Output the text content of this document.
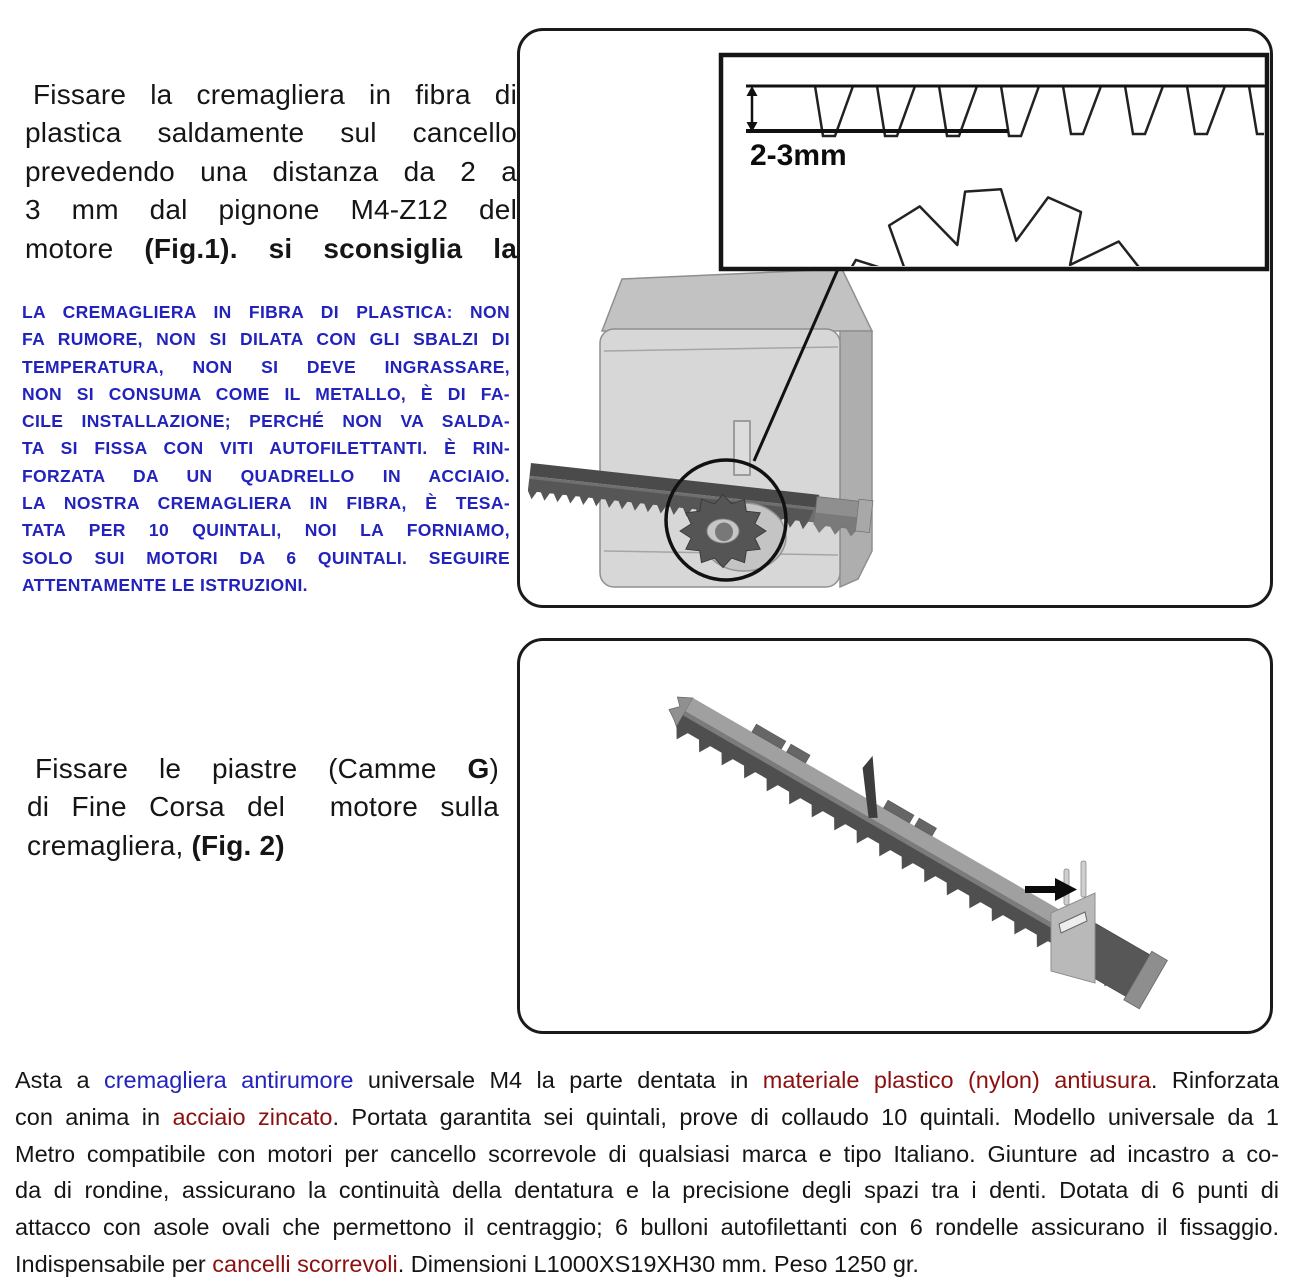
Fissare la cremagliera in fibra di
plastica saldamente sul cancello
prevedendo una distanza da 2 a
3 mm dal pignone M4-Z12 del
motore (Fig.1). si sconsiglia la
LA CREMAGLIERA IN FIBRA DI PLASTICA: NON
FA RUMORE, NON SI DILATA CON GLI SBALZI DI
TEMPERATURA, NON SI DEVE INGRASSARE,
NON SI CONSUMA COME IL METALLO, È DI FA-
CILE INSTALLAZIONE; PERCHÉ NON VA SALDA-
TA SI FISSA CON VITI AUTOFILETTANTI. È RIN-
FORZATA DA UN QUADRELLO IN ACCIAIO.
LA NOSTRA CREMAGLIERA IN FIBRA, È TESA-
TATA PER 10 QUINTALI, NOI LA FORNIAMO,
SOLO SUI MOTORI DA 6 QUINTALI. SEGUIRE
ATTENTAMENTE LE ISTRUZIONI.
Fissare le piastre (Camme G)
di Fine Corsa del  motore sulla
cremagliera, (Fig. 2)
2-3mm
Asta a cremagliera antirumore universale M4 la parte dentata in materiale plastico (nylon) antiusura. Rinforzata
con anima in acciaio zincato. Portata garantita sei quintali, prove di collaudo 10 quintali. Modello universale da 1
Metro compatibile con motori per cancello scorrevole di qualsiasi marca e tipo Italiano. Giunture ad incastro a co-
da di rondine, assicurano la continuità della dentatura e la precisione degli spazi tra i denti. Dotata di 6 punti di
attacco con asole ovali che permettono il centraggio; 6 bulloni autofilettanti con 6 rondelle assicurano il fissaggio.
Indispensabile per cancelli scorrevoli. Dimensioni L1000XS19XH30 mm. Peso 1250 gr.
